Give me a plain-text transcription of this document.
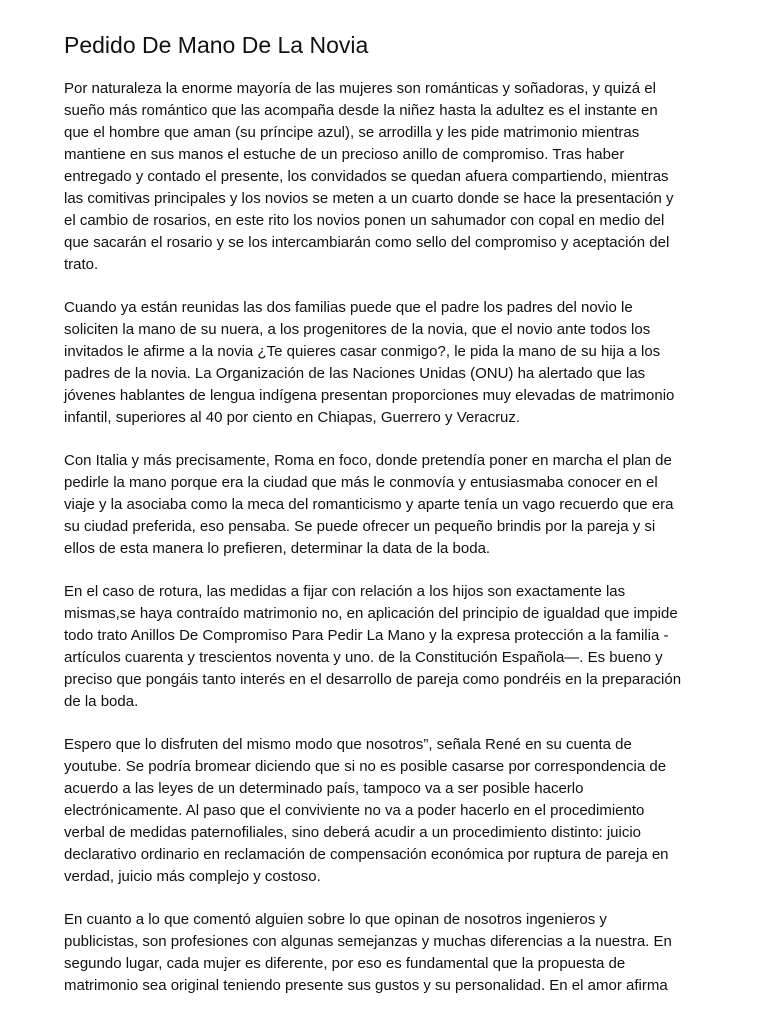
Pedido De Mano De La Novia

Por naturaleza la enorme mayoría de las mujeres son románticas y soñadoras, y quizá el
sueño más romántico que las acompaña desde la niñez hasta la adultez es el instante en
que el hombre que aman (su príncipe azul), se arrodilla y les pide matrimonio mientras
mantiene en sus manos el estuche de un precioso anillo de compromiso. Tras haber
entregado y contado el presente, los convidados se quedan afuera compartiendo, mientras
las comitivas principales y los novios se meten a un cuarto donde se hace la presentación y
el cambio de rosarios, en este rito los novios ponen un sahumador con copal en medio del
que sacarán el rosario y se los intercambiarán como sello del compromiso y aceptación del
trato.

Cuando ya están reunidas las dos familias puede que el padre los padres del novio le
soliciten la mano de su nuera, a los progenitores de la novia, que el novio ante todos los
invitados le afirme a la novia ¿Te quieres casar conmigo?, le pida la mano de su hija a los
padres de la novia. La Organización de las Naciones Unidas (ONU) ha alertado que las
jóvenes hablantes de lengua indígena presentan proporciones muy elevadas de matrimonio
infantil, superiores al 40 por ciento en Chiapas, Guerrero y Veracruz.

Con Italia y más precisamente, Roma en foco, donde pretendía poner en marcha el plan de
pedirle la mano porque era la ciudad que más le conmovía y entusiasmaba conocer en el
viaje y la asociaba como la meca del romanticismo y aparte tenía un vago recuerdo que era
su ciudad preferida, eso pensaba. Se puede ofrecer un pequeño brindis por la pareja y si
ellos de esta manera lo prefieren, determinar la data de la boda.

En el caso de rotura, las medidas a fijar con relación a los hijos son exactamente las
mismas,se haya contraído matrimonio no, en aplicación del principio de igualdad que impide
todo trato Anillos De Compromiso Para Pedir La Mano y la expresa protección a la familia -
artículos cuarenta y trescientos noventa y uno. de la Constitución Española—. Es bueno y
preciso que pongáis tanto interés en el desarrollo de pareja como pondréis en la preparación
de la boda.

Espero que lo disfruten del mismo modo que nosotros”, señala René en su cuenta de
youtube. Se podría bromear diciendo que si no es posible casarse por correspondencia de
acuerdo a las leyes de un determinado país, tampoco va a ser posible hacerlo
electrónicamente. Al paso que el conviviente no va a poder hacerlo en el procedimiento
verbal de medidas paternofiliales, sino deberá acudir a un procedimiento distinto: juicio
declarativo ordinario en reclamación de compensación económica por ruptura de pareja en
verdad, juicio más complejo y costoso.

En cuanto a lo que comentó alguien sobre lo que opinan de nosotros ingenieros y
publicistas, son profesiones con algunas semejanzas y muchas diferencias a la nuestra. En
segundo lugar, cada mujer es diferente, por eso es fundamental que la propuesta de
matrimonio sea original teniendo presente sus gustos y su personalidad. En el amor afirma
